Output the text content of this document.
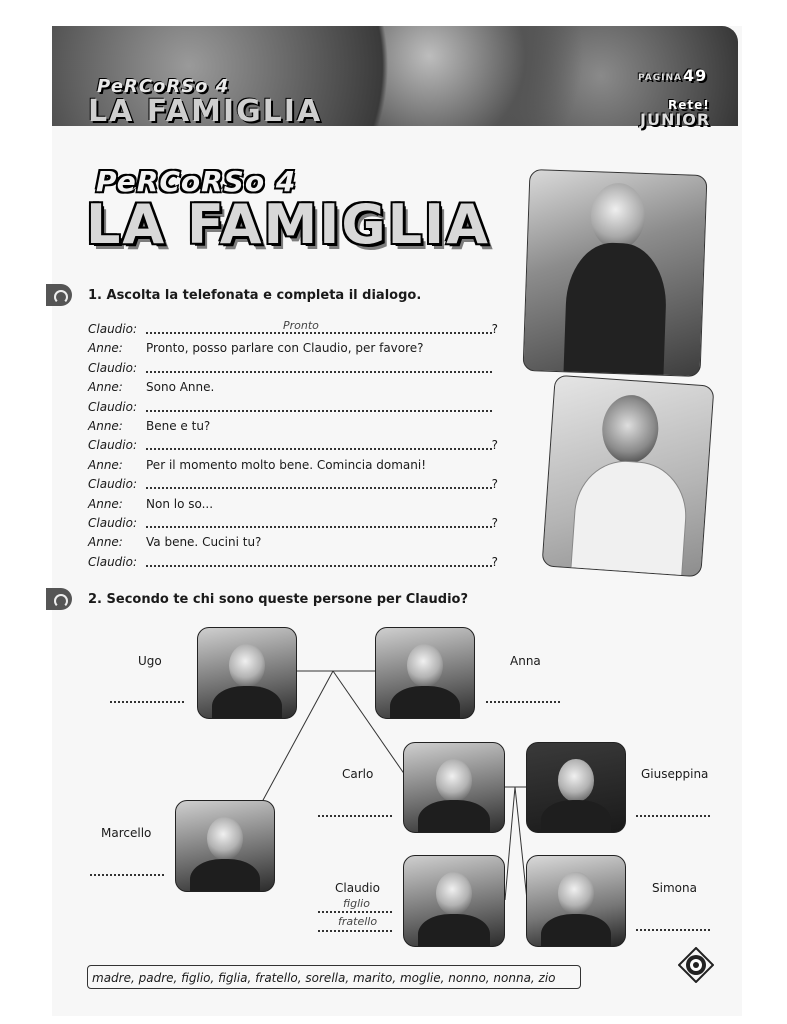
PeRCoRSo 4
LA FAMIGLIA
PAGINA 49
Rete!
JUNIOR
PeRCoRSo 4
LA FAMIGLIA
1. Ascolta la telefonata e completa il dialogo.
Claudio:	?
Pronto
Anne: Pronto, posso parlare con Claudio, per favore?
Claudio:
Anne: Sono Anne.
Claudio:
Anne: Bene e tu?
Claudio:	?
Anne: Per il momento molto bene. Comincia domani!
Claudio:	?
Anne: Non lo so...
Claudio:	?
Anne: Va bene. Cucini tu?
Claudio:	?
2. Secondo te chi sono queste persone per Claudio?
Ugo	Anna
Carlo	Giuseppina
Marcello
Claudio
figlio
fratello
Simona
madre, padre, figlio, figlia, fratello, sorella, marito, moglie, nonno, nonna, zio
